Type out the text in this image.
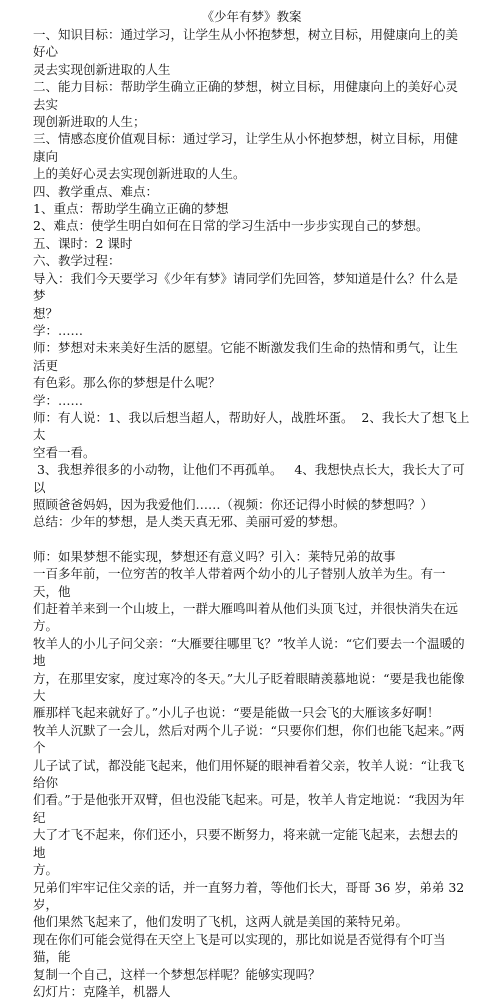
《少年有梦》教案
一、知识目标：通过学习，让学生从小怀抱梦想，树立目标，用健康向上的美好心
灵去实现创新进取的人生
二、能力目标：帮助学生确立正确的梦想，树立目标，用健康向上的美好心灵去实
现创新进取的人生；
三、情感态度价值观目标：通过学习，让学生从小怀抱梦想，树立目标，用健康向
上的美好心灵去实现创新进取的人生。
四、教学重点、难点：
1、重点：帮助学生确立正确的梦想
2、难点：使学生明白如何在日常的学习生活中一步步实现自己的梦想。
五、课时：2 课时
六、教学过程：
导入：我们今天要学习《少年有梦》请同学们先回答，梦知道是什么？什么是梦
想？
学：……
师：梦想对未来美好生活的愿望。它能不断激发我们生命的热情和勇气，让生活更
有色彩。那么你的梦想是什么呢？
学：……
师：有人说：1、我以后想当超人，帮助好人，战胜坏蛋。  2、我长大了想飞上太
空看一看。
3、我想养很多的小动物，让他们不再孤单。   4、我想快点长大，我长大了可以
照顾爸爸妈妈，因为我爱他们……（视频：你还记得小时候的梦想吗？）
总结：少年的梦想，是人类天真无邪、美丽可爱的梦想。
师：如果梦想不能实现，梦想还有意义吗？引入：莱特兄弟的故事
一百多年前，一位穷苦的牧羊人带着两个幼小的儿子替别人放羊为生。有一天，他
们赶着羊来到一个山坡上，一群大雁鸣叫着从他们头顶飞过，并很快消失在远方。
牧羊人的小儿子问父亲：“大雁要往哪里飞？”牧羊人说：“它们要去一个温暖的地
方，在那里安家，度过寒冷的冬天。”大儿子眨着眼睛羡慕地说：“要是我也能像大
雁那样飞起来就好了。”小儿子也说：“要是能做一只会飞的大雁该多好啊！
牧羊人沉默了一会儿，然后对两个儿子说：“只要你们想，你们也能飞起来。”两个
儿子试了试，都没能飞起来，他们用怀疑的眼神看着父亲，牧羊人说：“让我飞给你
们看。”于是他张开双臂，但也没能飞起来。可是，牧羊人肯定地说：“我因为年纪
大了才飞不起来，你们还小，只要不断努力，将来就一定能飞起来，去想去的地
方。
兄弟们牢牢记住父亲的话，并一直努力着，等他们长大，哥哥 36 岁，弟弟 32 岁，
他们果然飞起来了，他们发明了飞机，这两人就是美国的莱特兄弟。
现在你们可能会觉得在天空上飞是可以实现的，那比如说是否觉得有个叮当猫，能
复制一个自己，这样一个梦想怎样呢？能够实现吗？
幻灯片：克隆羊，机器人
